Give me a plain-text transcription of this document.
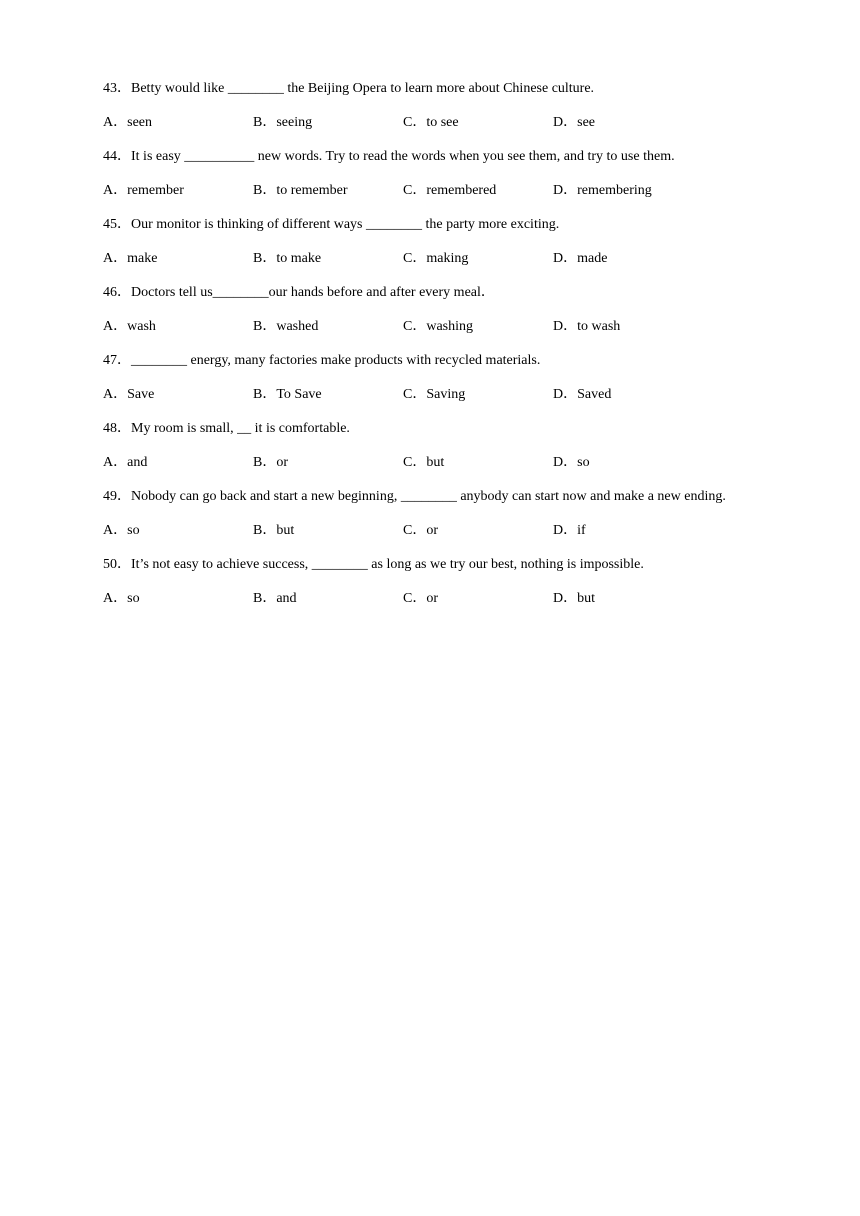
43．Betty would like ________ the Beijing Opera to learn more about Chinese culture.
A．seen	B．seeing	C．to see	D．see
44．It is easy __________ new words. Try to read the words when you see them, and try to use them.
A．remember	B．to remember	C．remembered	D．remembering
45．Our monitor is thinking of different ways ________ the party more exciting.
A．make	B．to make	C．making	D．made
46．Doctors tell us________our hands before and after every meal．
A．wash	B．washed	C．washing	D．to wash
47．________ energy, many factories make products with recycled materials.
A．Save	B．To Save	C．Saving	D．Saved
48．My room is small, __ it is comfortable.
A．and	B．or	C．but	D．so
49．Nobody can go back and start a new beginning, ________ anybody can start now and make a new ending.
A．so	B．but	C．or	D．if
50．It’s not easy to achieve success, ________ as long as we try our best, nothing is impossible.
A．so	B．and	C．or	D．but
